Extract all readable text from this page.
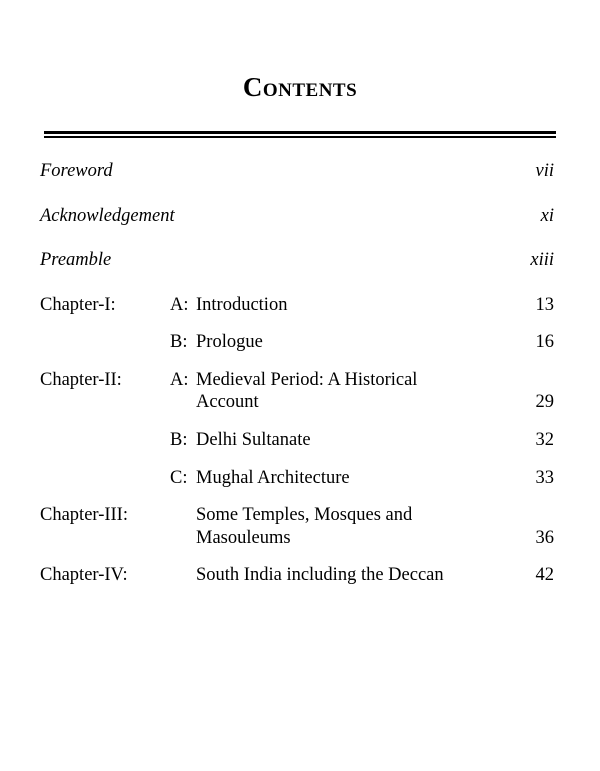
Contents
Foreword	vii
Acknowledgement	xi
Preamble	xiii
Chapter-I:	A: Introduction	13
B: Prologue	16
Chapter-II:	A: Medieval Period: A Historical
Account	29
B: Delhi Sultanate	32
C: Mughal Architecture	33
Chapter-III:	Some Temples, Mosques and
Masouleums	36
Chapter-IV:	South India including the Deccan	42
